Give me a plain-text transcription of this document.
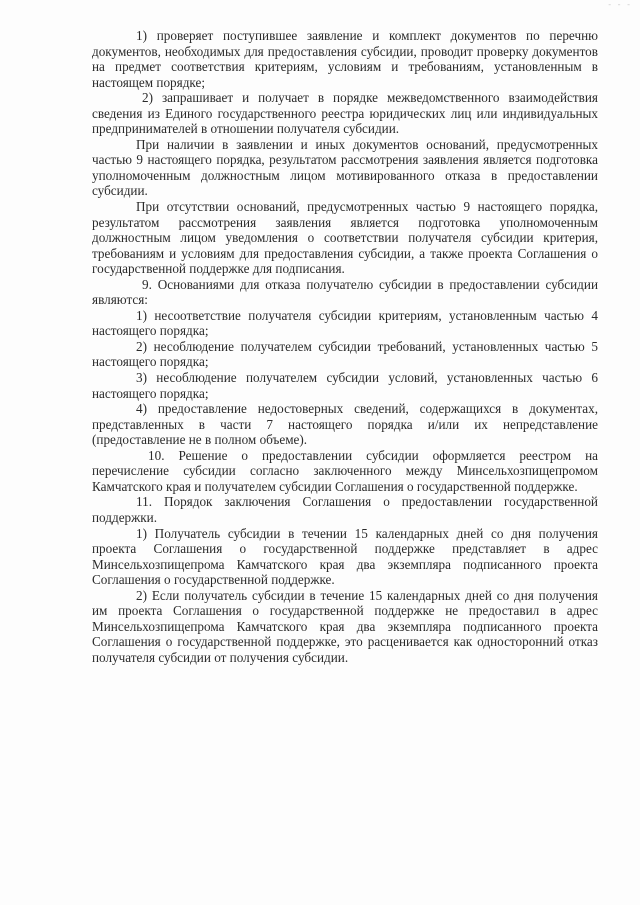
- - -

1) проверяет поступившее заявление и комплект документов по перечню документов, необходимых для предоставления субсидии, проводит проверку документов на предмет соответствия критериям, условиям и требованиям, установленным в настоящем порядке;

2) запрашивает и получает в порядке межведомственного взаимодействия сведения из Единого государственного реестра юридических лиц или индивидуальных предпринимателей в отношении получателя субсидии.

При наличии в заявлении и иных документов оснований, предусмотренных частью 9 настоящего порядка, результатом рассмотрения заявления является подготовка уполномоченным должностным лицом мотивированного отказа в предоставлении субсидии.

При отсутствии оснований, предусмотренных частью 9 настоящего порядка, результатом рассмотрения заявления является подготовка уполномоченным должностным лицом уведомления о соответствии получателя субсидии критерия, требованиям и условиям для предоставления субсидии, а также проекта Соглашения о государственной поддержке для подписания.

9. Основаниями для отказа получателю субсидии в предоставлении субсидии являются:

1) несоответствие получателя субсидии критериям, установленным частью 4 настоящего порядка;

2) несоблюдение получателем субсидии требований, установленных частью 5 настоящего порядка;

3) несоблюдение получателем субсидии условий, установленных частью 6 настоящего порядка;

4) предоставление недостоверных сведений, содержащихся в документах, представленных в части 7 настоящего порядка и/или их непредставление (предоставление не в полном объеме).

10. Решение о предоставлении субсидии оформляется реестром на перечисление субсидии согласно заключенного между Минсельхозпищепромом Камчатского края и получателем субсидии Соглашения о государственной поддержке.

11. Порядок заключения Соглашения о предоставлении государственной поддержки.

1) Получатель субсидии в течении 15 календарных дней со дня получения проекта Соглашения о государственной поддержке представляет в адрес Минсельхозпищепрома Камчатского края два экземпляра подписанного проекта Соглашения о государственной поддержке.

2) Если получатель субсидии в течение 15 календарных дней со дня получения им проекта Соглашения о государственной поддержке не предоставил в адрес Минсельхозпищепрома Камчатского края два экземпляра подписанного проекта Соглашения о государственной поддержке, это расценивается как односторонний отказ получателя субсидии от получения субсидии.
